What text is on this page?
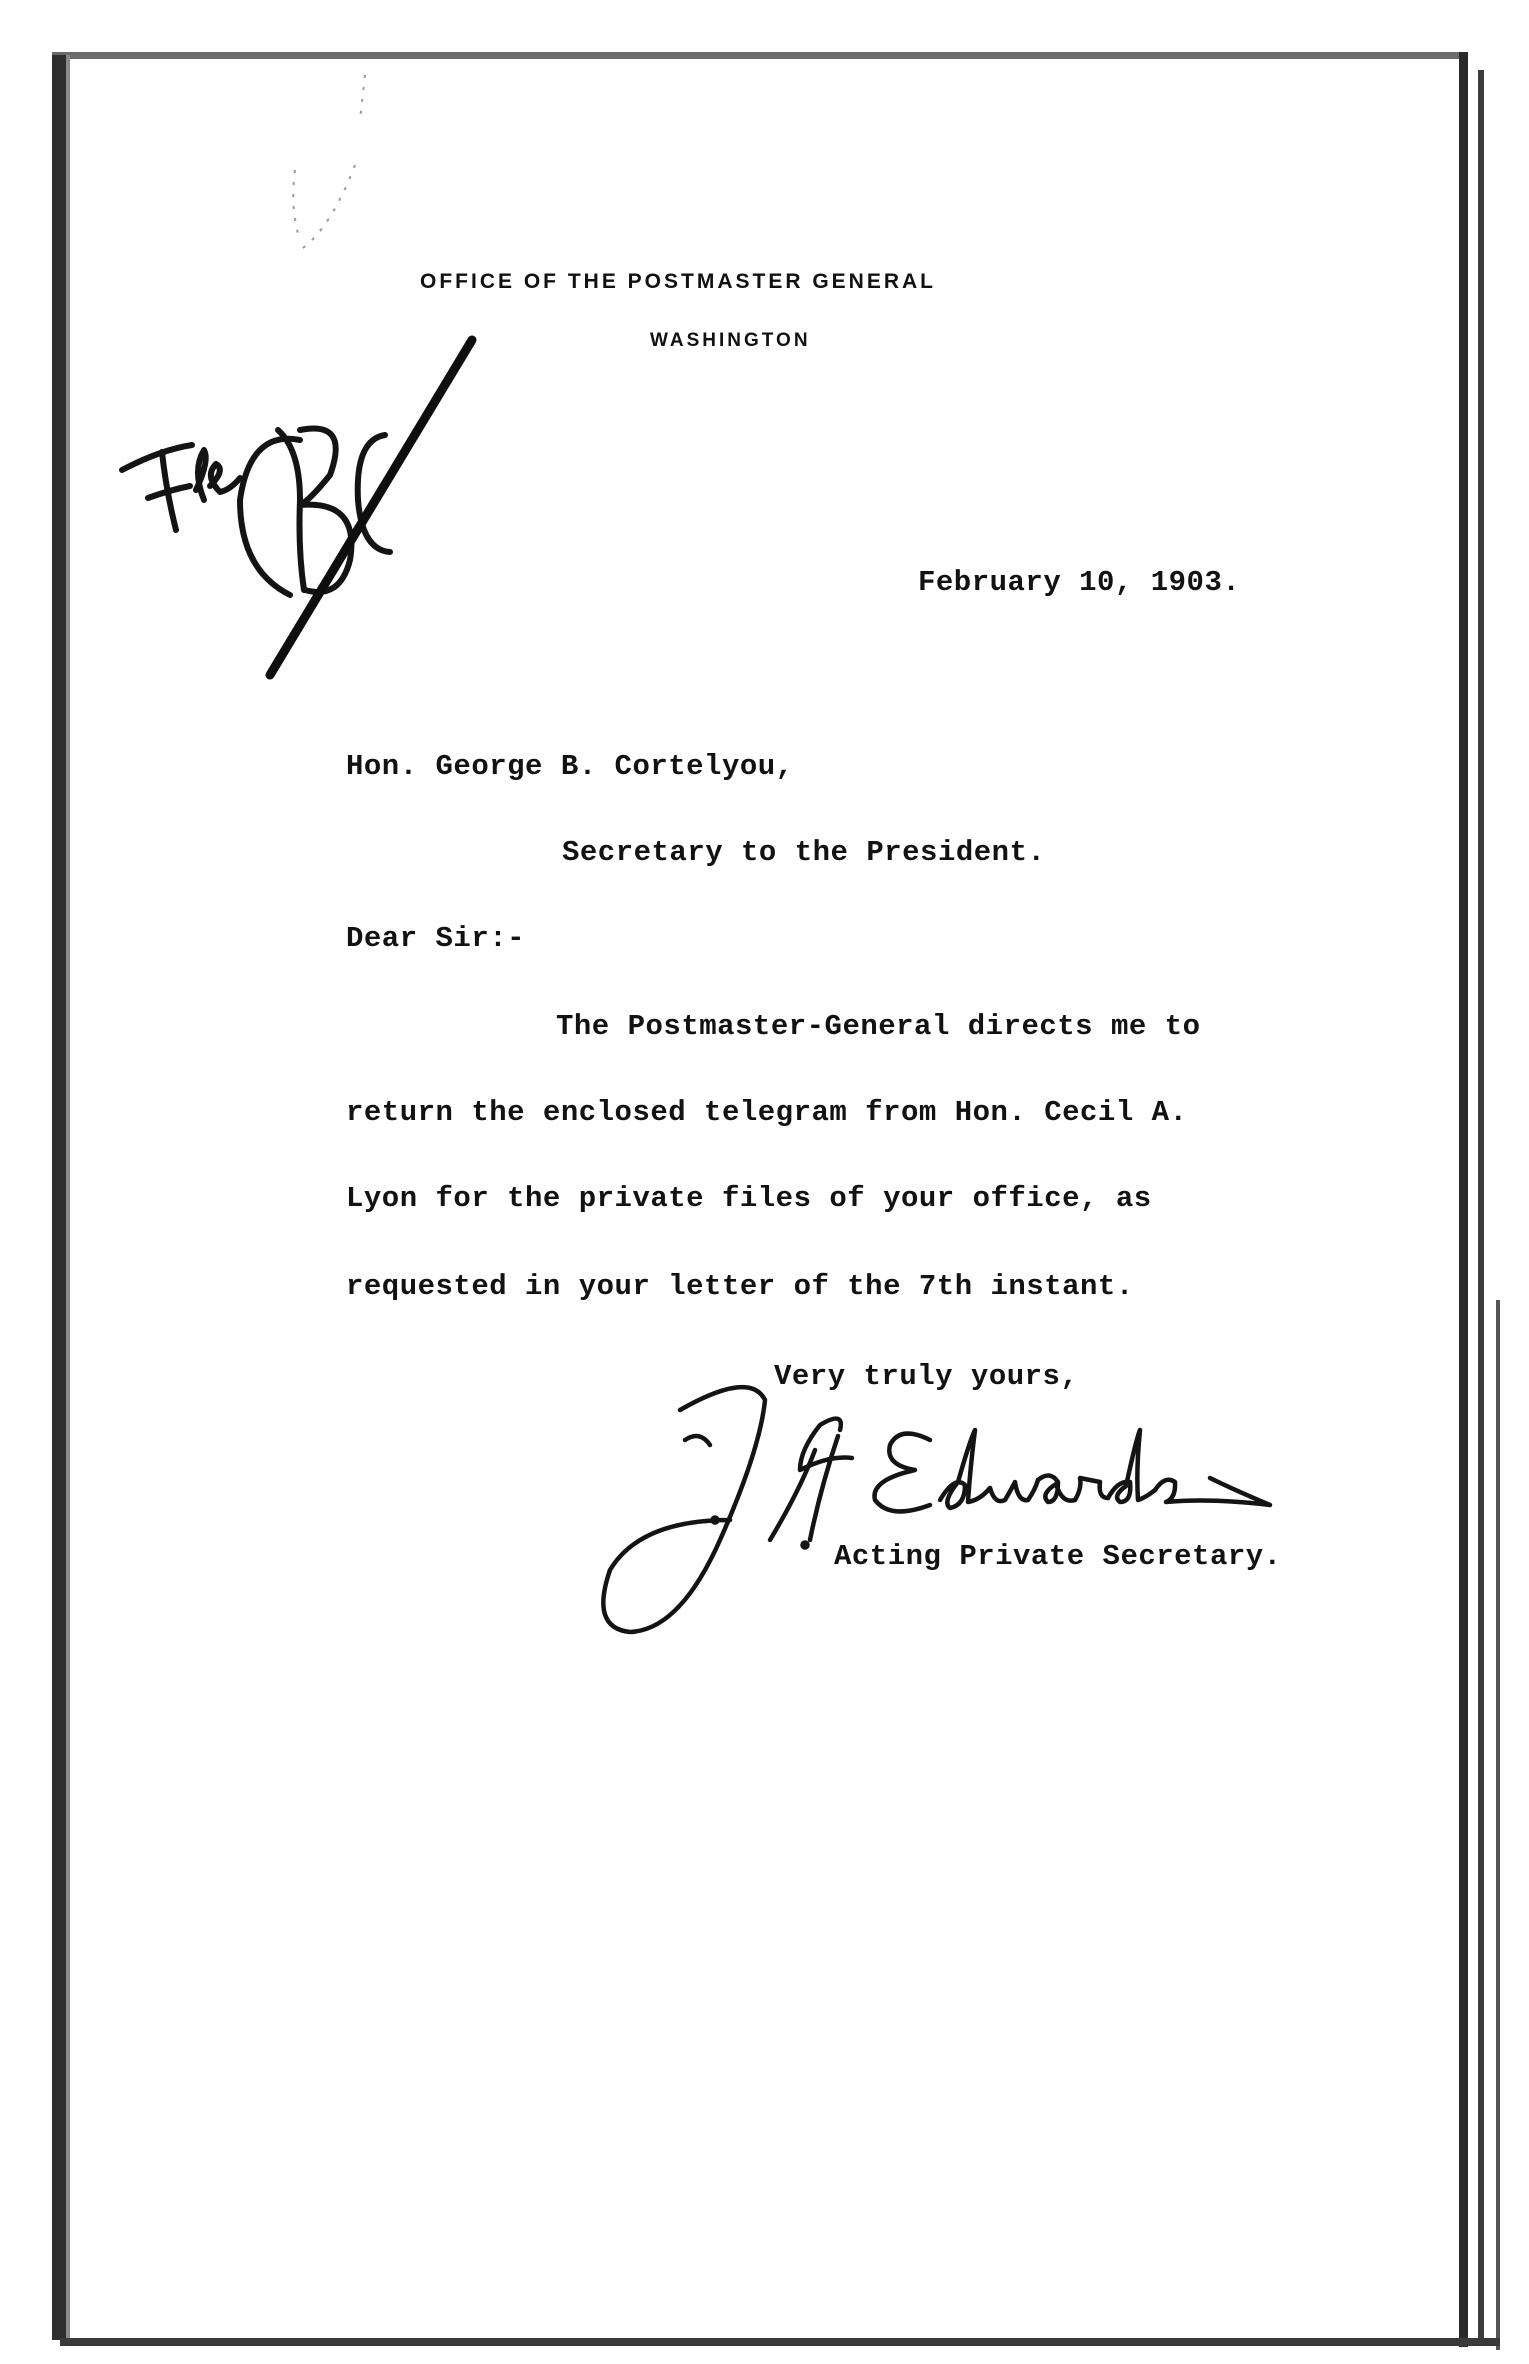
OFFICE OF THE POSTMASTER GENERAL
WASHINGTON
February 10, 1903.
Hon. George B. Cortelyou,
Secretary to the President.
Dear Sir:-
The Postmaster-General directs me to
return the enclosed telegram from Hon. Cecil A.
Lyon for the private files of your office, as
requested in your letter of the 7th instant.
Very truly yours,
Acting Private Secretary.
